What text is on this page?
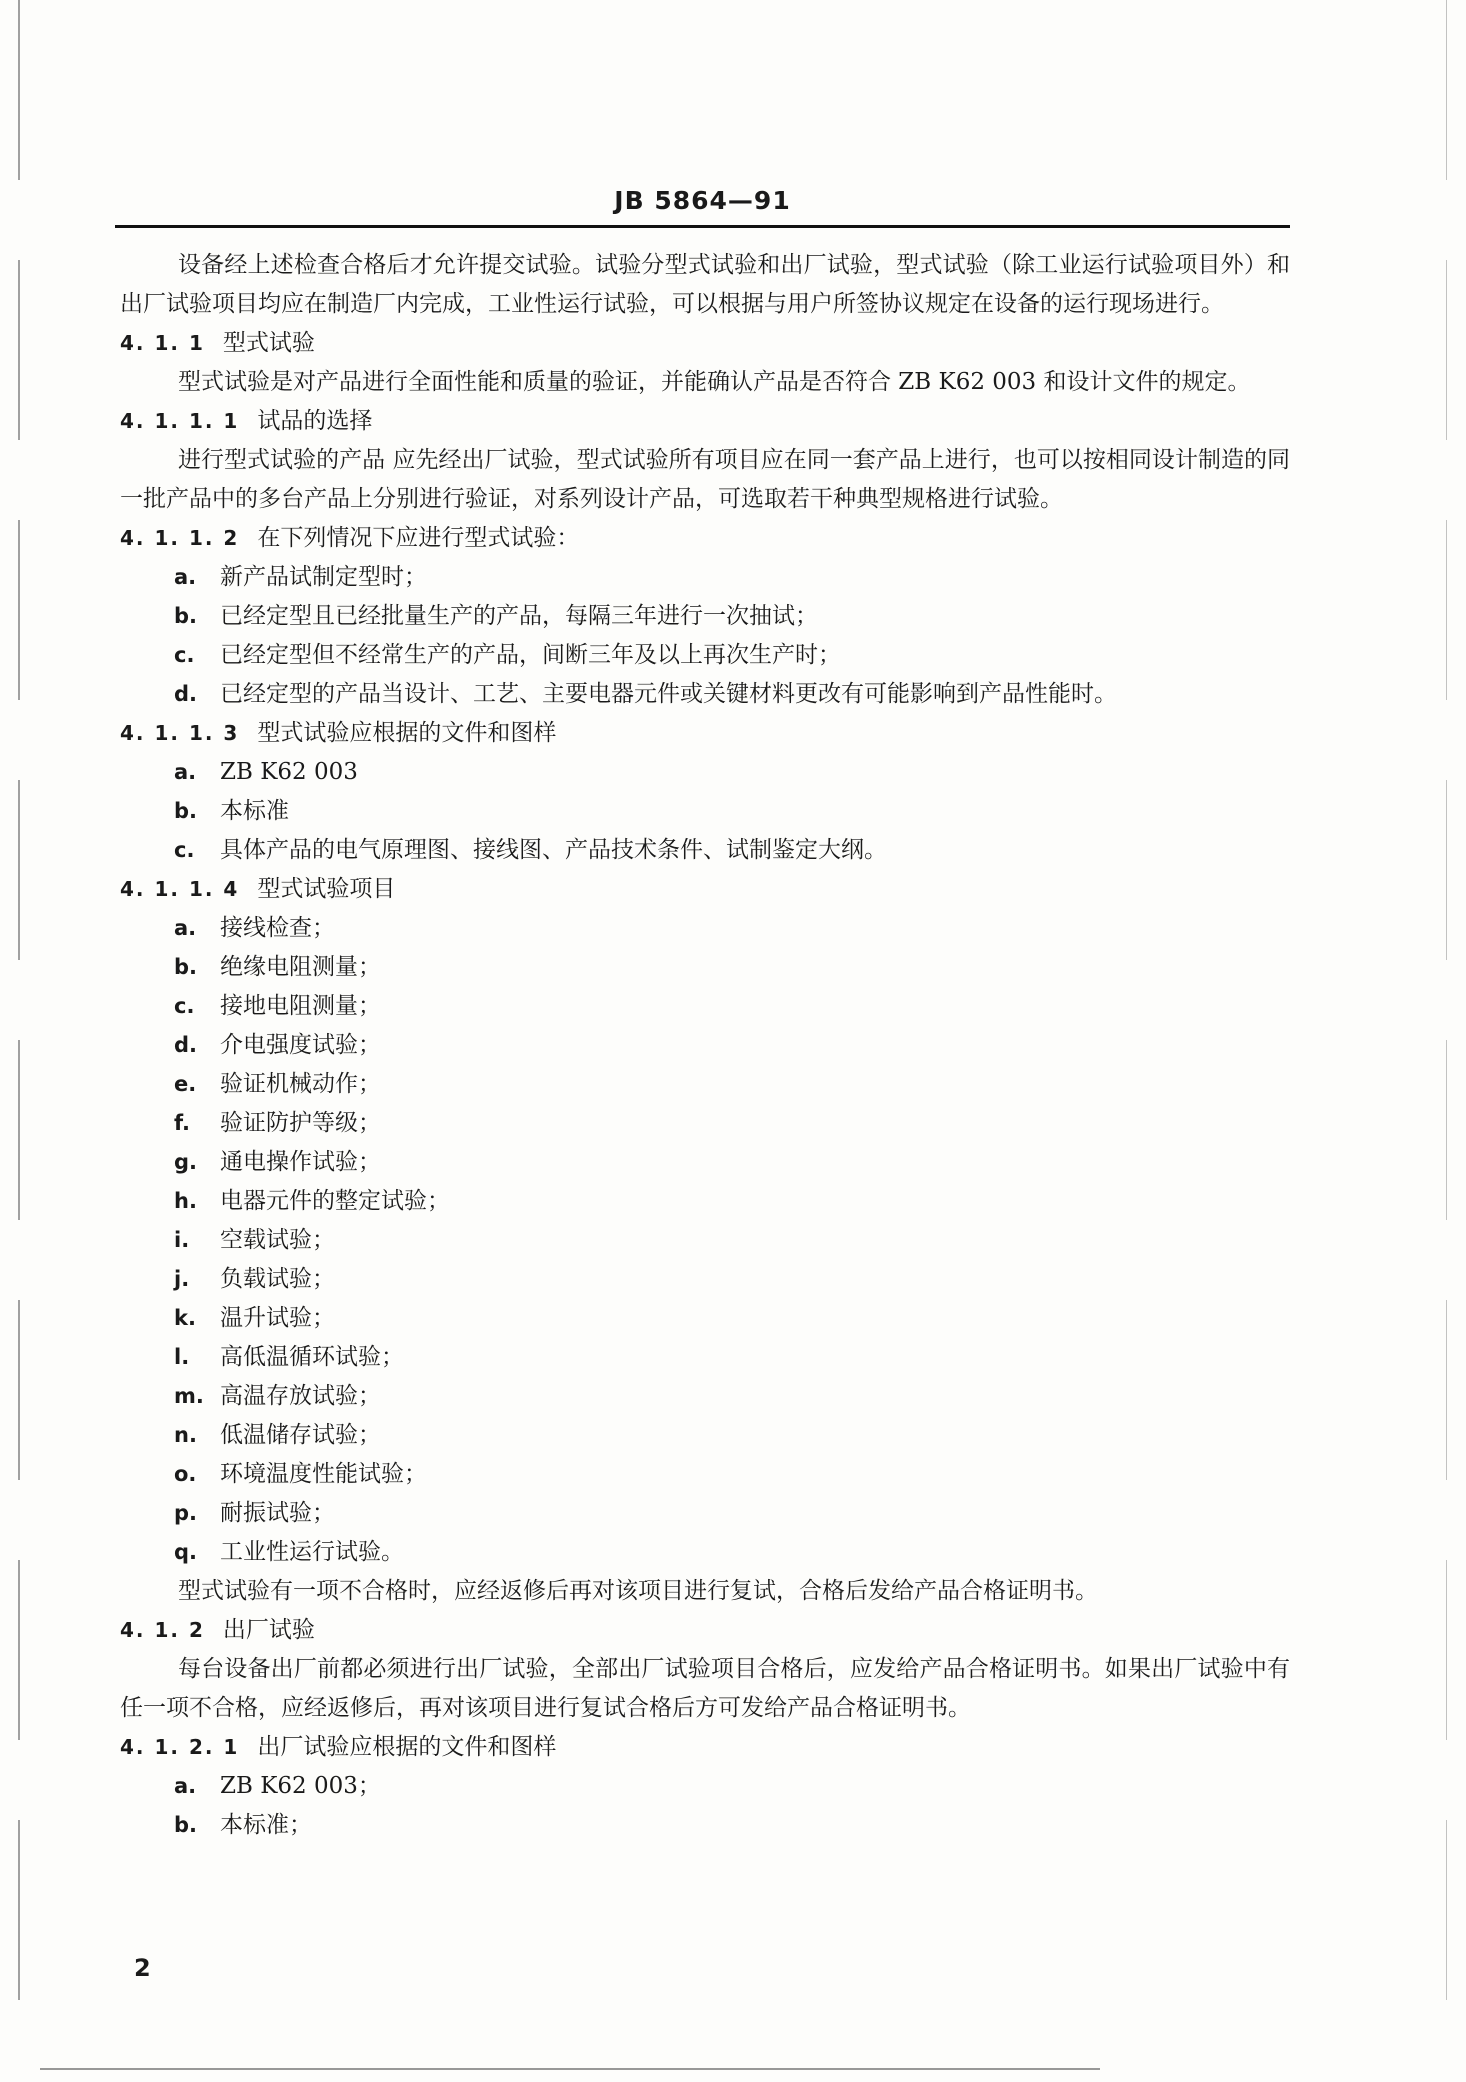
JB 5864—91

设备经上述检查合格后才允许提交试验。试验分型式试验和出厂试验，型式试验（除工业运行试验项目外）和出厂试验项目均应在制造厂内完成，工业性运行试验，可以根据与用户所签协议规定在设备的运行现场进行。

4. 1. 1 型式试验

型式试验是对产品进行全面性能和质量的验证，并能确认产品是否符合 ZB K62 003 和设计文件的规定。

4. 1. 1. 1 试品的选择

进行型式试验的产品 应先经出厂试验，型式试验所有项目应在同一套产品上进行，也可以按相同设计制造的同一批产品中的多台产品上分别进行验证，对系列设计产品，可选取若干种典型规格进行试验。

4. 1. 1. 2 在下列情况下应进行型式试验：

a.	新产品试制定型时；
b. 已经定型且已经批量生产的产品，每隔三年进行一次抽试；
c.	已经定型但不经常生产的产品，间断三年及以上再次生产时；
d. 已经定型的产品当设计、工艺、主要电器元件或关键材料更改有可能影响到产品性能时。

4. 1. 1. 3 型式试验应根据的文件和图样

a.	ZB K62 003
b. 本标准
c.	具体产品的电气原理图、接线图、产品技术条件、试制鉴定大纲。

4. 1. 1. 4 型式试验项目

a.	接线检查；
b. 绝缘电阻测量；
c.	接地电阻测量；
d. 介电强度试验；
e.	验证机械动作；
f.	验证防护等级；
g. 通电操作试验；
h.	电器元件的整定试验；
i.	空载试验；
j.	负载试验；
k.	温升试验；
l.	高低温循环试验；
m. 高温存放试验；
n.	低温储存试验；
o.	环境温度性能试验；
p. 耐振试验；
q. 工业性运行试验。

型式试验有一项不合格时，应经返修后再对该项目进行复试，合格后发给产品合格证明书。

4. 1. 2 出厂试验

每台设备出厂前都必须进行出厂试验，全部出厂试验项目合格后，应发给产品合格证明书。如果出厂试验中有任一项不合格，应经返修后，再对该项目进行复试合格后方可发给产品合格证明书。

4. 1. 2. 1 出厂试验应根据的文件和图样

a.	ZB K62 003；
b. 本标准；
2
